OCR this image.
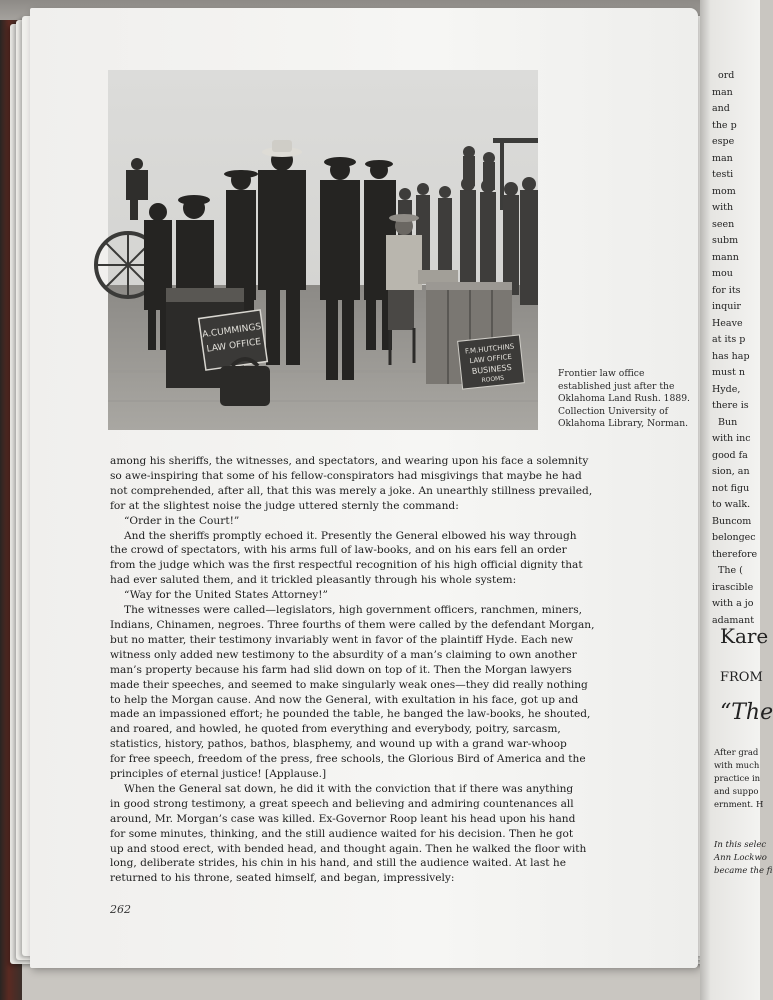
A.CUMMINGS
LAW OFFICE	F.M.HUTCHINS
LAW OFFICE
BUSINESS
ROOMS
Frontier law office
established just after the
Oklahoma Land Rush. 1889.
Collection University of
Oklahoma Library, Norman.
among his sheriffs, the witnesses, and spectators, and wearing upon his face a solemnity
so awe-inspiring that some of his fellow-conspirators had misgivings that maybe he had
not comprehended, after all, that this was merely a joke. An unearthly stillness prevailed,
for at the slightest noise the judge uttered sternly the command:
“Order in the Court!”
And the sheriffs promptly echoed it. Presently the General elbowed his way through
the crowd of spectators, with his arms full of law-books, and on his ears fell an order
from the judge which was the first respectful recognition of his high official dignity that
had ever saluted them, and it trickled pleasantly through his whole system:
“Way for the United States Attorney!”
The witnesses were called—legislators, high government officers, ranchmen, miners,
Indians, Chinamen, negroes. Three fourths of them were called by the defendant Morgan,
but no matter, their testimony invariably went in favor of the plaintiff Hyde. Each new
witness only added new testimony to the absurdity of a man’s claiming to own another
man’s property because his farm had slid down on top of it. Then the Morgan lawyers
made their speeches, and seemed to make singularly weak ones—they did really nothing
to help the Morgan cause. And now the General, with exultation in his face, got up and
made an impassioned effort; he pounded the table, he banged the law-books, he shouted,
and roared, and howled, he quoted from everything and everybody, poitry, sarcasm,
statistics, history, pathos, bathos, blasphemy, and wound up with a grand war-whoop
for free speech, freedom of the press, free schools, the Glorious Bird of America and the
principles of eternal justice! [Applause.]
When the General sat down, he did it with the conviction that if there was anything
in good strong testimony, a great speech and believing and admiring countenances all
around, Mr. Morgan’s case was killed. Ex-Governor Roop leant his head upon his hand
for some minutes, thinking, and the still audience waited for his decision. Then he got
up and stood erect, with bended head, and thought again. Then he walked the floor with
long, deliberate strides, his chin in his hand, and still the audience waited. At last he
returned to his throne, seated himself, and began, impressively:
262
ord
man
and
the p
espe
man
testi
mom
with
seen
subm
mann
mou
for its
inquir
Heave
at its p
has hap
must n
Hyde,
there is
Bun
with inc
good fa
sion, an
not figu
to walk.
Buncom
belongec
therefore
The (
irascible
with a jo
adamant
Kare
FROM
“The
After grad
with much
practice in
and suppo
ernment. H
In this selec
Ann Lockwo
became the fi
